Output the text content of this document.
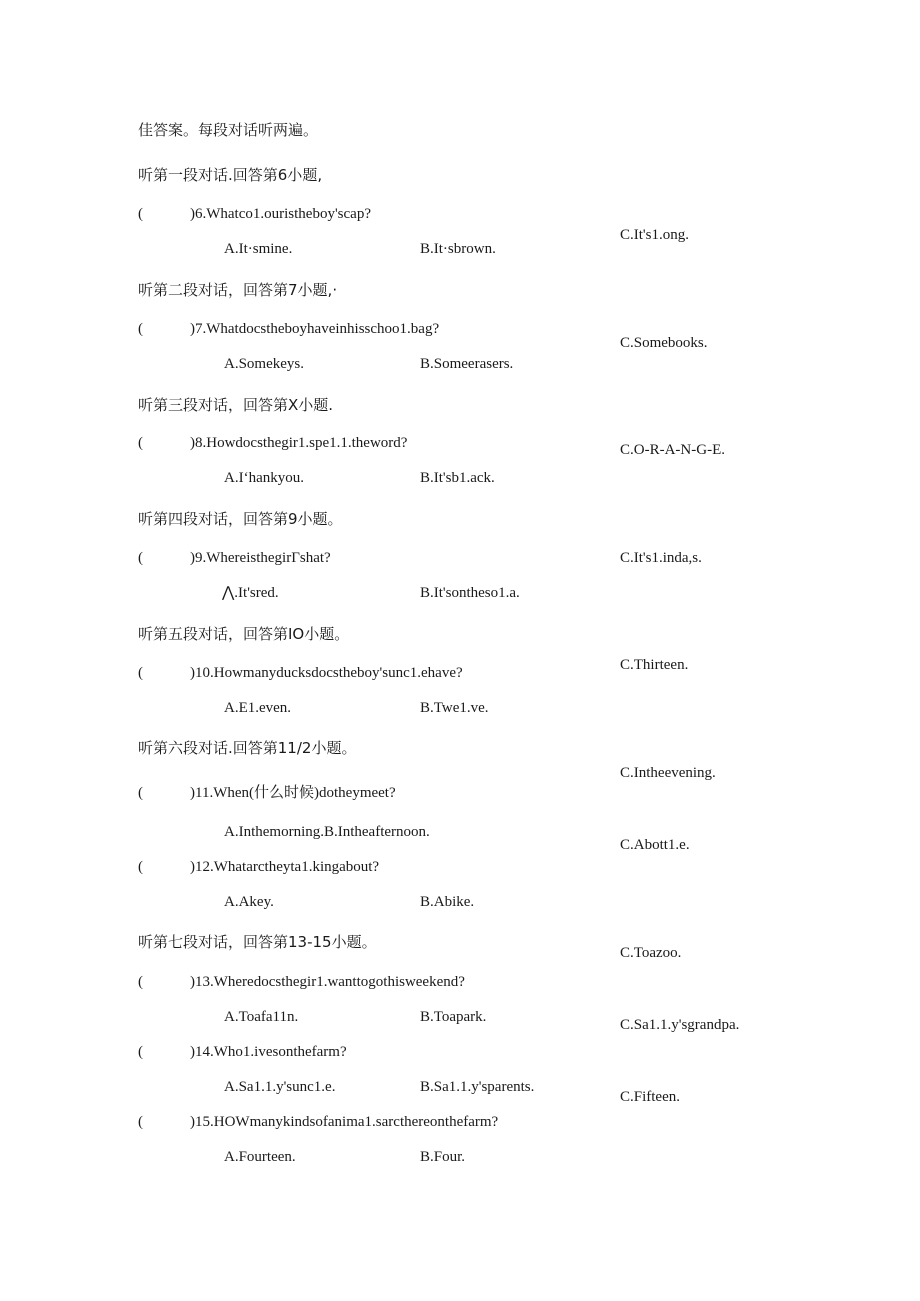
佳答案。每段对话听两遍。
听第一段对话.回答第6小题,
(	)6.Whatco1.ouristheboy'scap?
C.It's1.ong.
A.It·smine.	B.It·sbrown.
听第二段对话，回答第7小题,·
(	)7.Whatdocstheboyhaveinhisschoo1.bag?
C.Somebooks.
A.Somekeys.	B.Someerasers.
听第三段对话，回答第X小题.
(	)8.Howdocsthegir1.spe1.1.theword?	C.O-R-A-N-G-E.
A.I‘hankyou.	B.It'sb1.ack.
听第四段对话，回答第9小题。
(	)9.WhereisthegirΓshat?	C.It's1.inda,s.
⋀.It'sred.	B.It'sontheso1.a.
听第五段对话，回答第IO小题。
C.Thirteen.
(	)10.Howmanyducksdocstheboy'sunc1.ehave?
A.E1.even.	B.Twe1.ve.
听第六段对话.回答第11/2小题。
C.Intheevening.
(	)11.When(什么时候)dotheymeet?
A.Inthemorning.B.Intheafternoon.
C.Abott1.e.
(	)12.Whatarctheyta1.kingabout?
A.Akey.	B.Abike.
听第七段对话，回答第13-15小题。
C.Toazoo.
(	)13.Wheredocsthegir1.wanttogothisweekend?
A.Toafa11n.	B.Toapark.	C.Sa1.1.y'sgrandpa.
(	)14.Who1.ivesonthefarm?
A.Sa1.1.y'sunc1.e.	B.Sa1.1.y'sparents.
C.Fifteen.
(	)15.HOWmanykindsofanima1.sarcthereonthefarm?
A.Fourteen.	B.Four.
